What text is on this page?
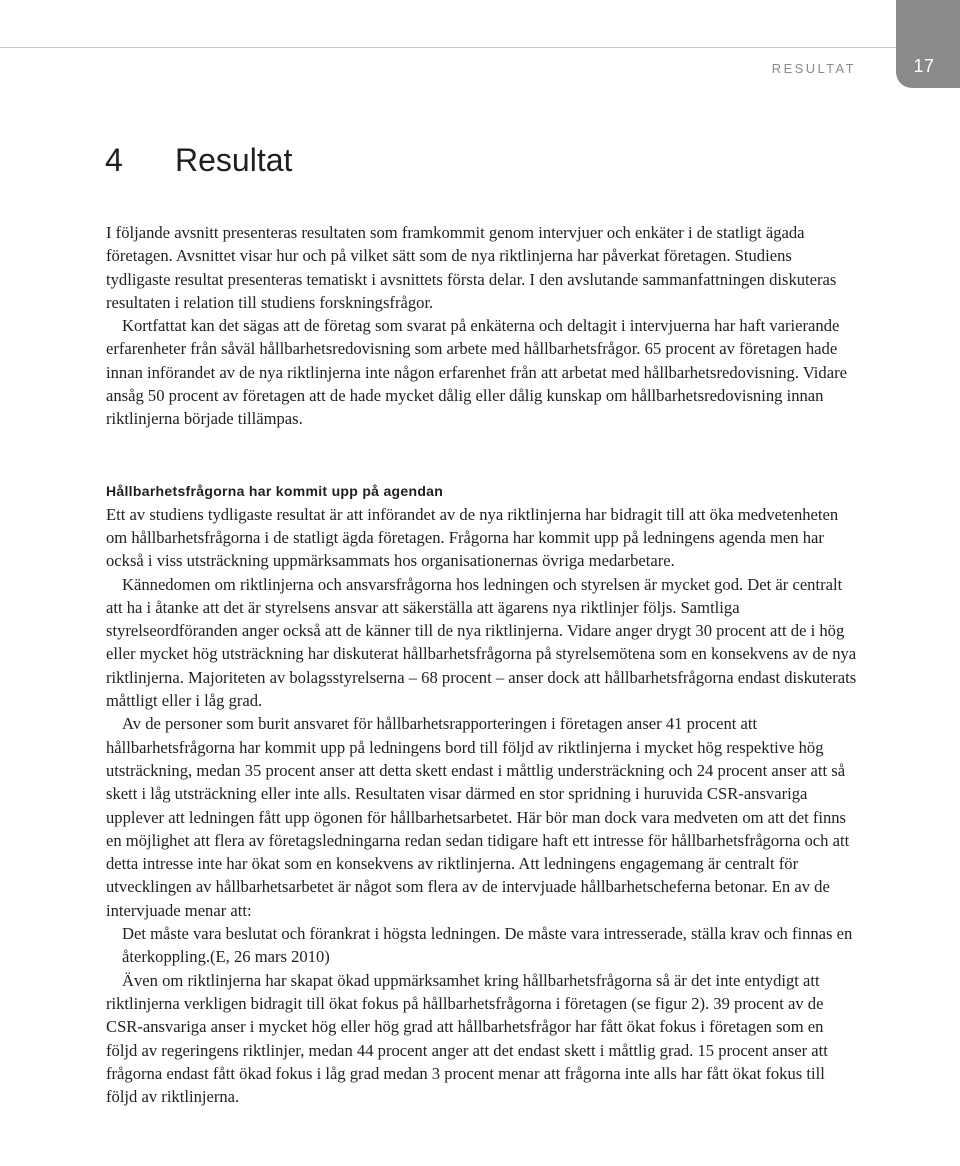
17
RESULTAT
4 Resultat

I följande avsnitt presenteras resultaten som framkommit genom intervjuer och enkäter i de statligt ägada företagen. Avsnittet visar hur och på vilket sätt som de nya riktlinjerna har påverkat företagen. Studiens tydligaste resultat presenteras tematiskt i avsnittets första delar. I den avslutande sammanfattningen diskuteras resultaten i relation till studiens forskningsfrågor.

Kortfattat kan det sägas att de företag som svarat på enkäterna och deltagit i intervjuerna har haft varierande erfarenheter från såväl hållbarhetsredovisning som arbete med hållbarhetsfrågor. 65 procent av företagen hade innan införandet av de nya riktlinjerna inte någon erfarenhet från att arbetat med hållbarhetsredovisning. Vidare ansåg 50 procent av företagen att de hade mycket dålig eller dålig kunskap om hållbarhetsredovisning innan riktlinjerna började tillämpas.

Hållbarhetsfrågorna har kommit upp på agendan

Ett av studiens tydligaste resultat är att införandet av de nya riktlinjerna har bidragit till att öka medvetenheten om hållbarhetsfrågorna i de statligt ägda företagen. Frågorna har kommit upp på ledningens agenda men har också i viss utsträckning uppmärksammats hos organisationernas övriga medarbetare.

Kännedomen om riktlinjerna och ansvarsfrågorna hos ledningen och styrelsen är mycket god. Det är centralt att ha i åtanke att det är styrelsens ansvar att säkerställa att ägarens nya riktlinjer följs. Samtliga styrelseordföranden anger också att de känner till de nya riktlinjerna. Vidare anger drygt 30 procent att de i hög eller mycket hög utsträckning har diskuterat hållbarhetsfrågorna på styrelsemötena som en konsekvens av de nya riktlinjerna. Majoriteten av bolagsstyrelserna – 68 procent – anser dock att hållbarhetsfrågorna endast diskuterats måttligt eller i låg grad.

Av de personer som burit ansvaret för hållbarhetsrapporteringen i företagen anser 41 procent att hållbarhetsfrågorna har kommit upp på ledningens bord till följd av riktlinjerna i mycket hög respektive hög utsträckning, medan 35 procent anser att detta skett endast i måttlig understräckning och 24 procent anser att så skett i låg utsträckning eller inte alls. Resultaten visar därmed en stor spridning i huruvida CSR-ansvariga upplever att ledningen fått upp ögonen för hållbarhetsarbetet. Här bör man dock vara medveten om att det finns en möjlighet att flera av företagsledningarna redan sedan tidigare haft ett intresse för hållbarhetsfrågorna och att detta intresse inte har ökat som en konsekvens av riktlinjerna. Att ledningens engagemang är centralt för utvecklingen av hållbarhetsarbetet är något som flera av de intervjuade hållbarhetscheferna betonar. En av de intervjuade menar att:

Det måste vara beslutat och förankrat i högsta ledningen. De måste vara intresserade, ställa krav och finnas en återkoppling.(E, 26 mars 2010)

Även om riktlinjerna har skapat ökad uppmärksamhet kring hållbarhetsfrågorna så är det inte entydigt att riktlinjerna verkligen bidragit till ökat fokus på hållbarhetsfrågorna i företagen (se figur 2). 39 procent av de CSR-ansvariga anser i mycket hög eller hög grad att hållbarhetsfrågor har fått ökat fokus i företagen som en följd av regeringens riktlinjer, medan 44 procent anger att det endast skett i måttlig grad. 15 procent anser att frågorna endast fått ökad fokus i låg grad medan 3 procent menar att frågorna inte alls har fått ökat fokus till följd av riktlinjerna.
